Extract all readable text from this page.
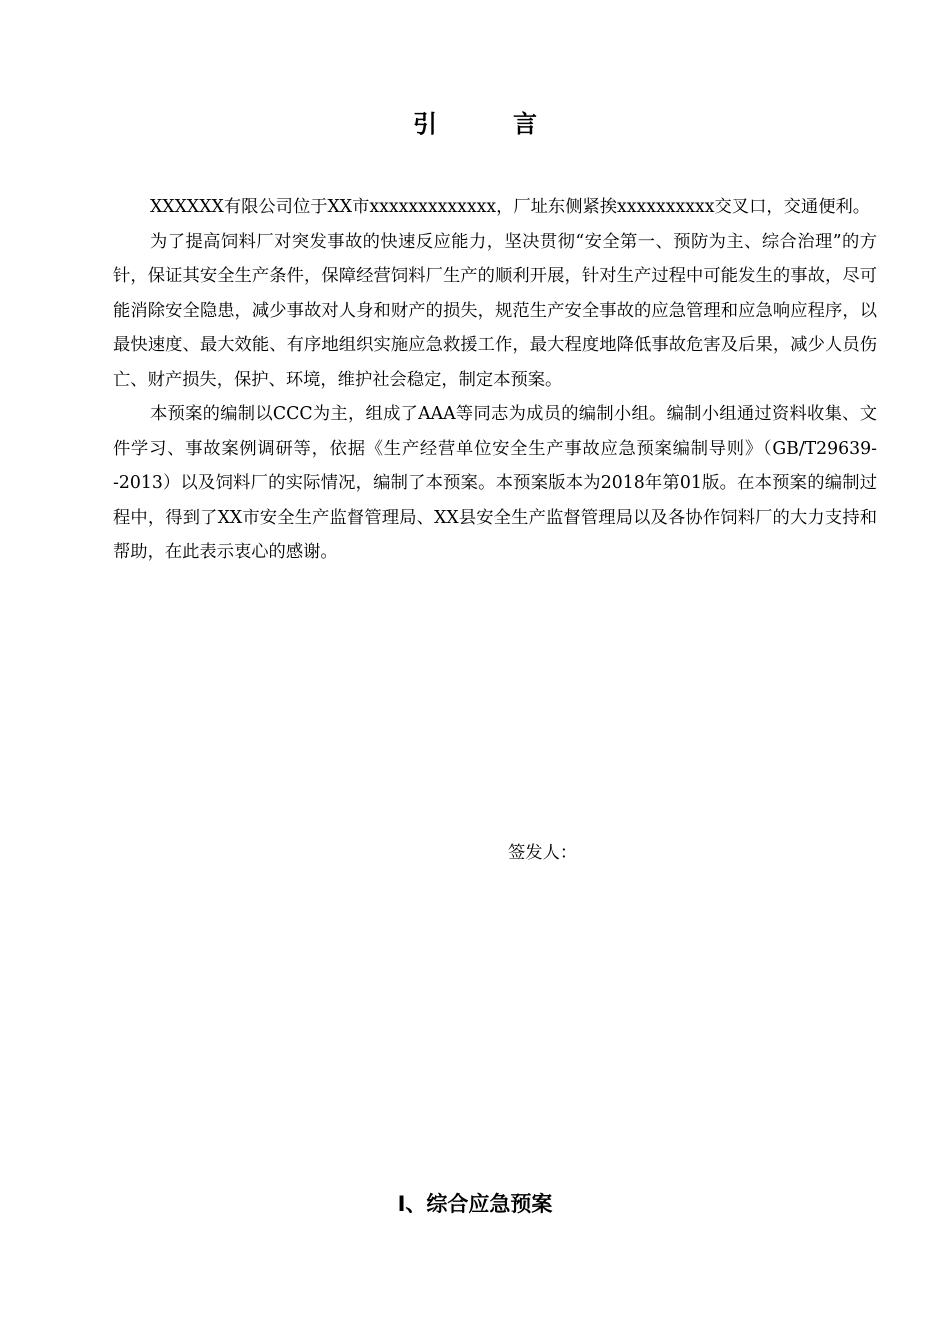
引　言

XXXXXX有限公司位于XX市xxxxxxxxxxxxx，厂址东侧紧挨xxxxxxxxxx交叉口，交通便利。

为了提高饲料厂对突发事故的快速反应能力，坚决贯彻“安全第一、预防为主、综合治理”的方针，保证其安全生产条件，保障经营饲料厂生产的顺利开展，针对生产过程中可能发生的事故，尽可能消除安全隐患，减少事故对人身和财产的损失，规范生产安全事故的应急管理和应急响应程序，以最快速度、最大效能、有序地组织实施应急救援工作，最大程度地降低事故危害及后果，减少人员伤亡、财产损失，保护、环境，维护社会稳定，制定本预案。

本预案的编制以CCC为主，组成了AAA等同志为成员的编制小组。编制小组通过资料收集、文件学习、事故案例调研等，依据《生产经营单位安全生产事故应急预案编制导则》（GB/T29639--2013）以及饲料厂的实际情况，编制了本预案。本预案版本为2018年第01版。在本预案的编制过程中，得到了XX市安全生产监督管理局、XX县安全生产监督管理局以及各协作饲料厂的大力支持和帮助，在此表示衷心的感谢。

签发人：
I、综合应急预案
